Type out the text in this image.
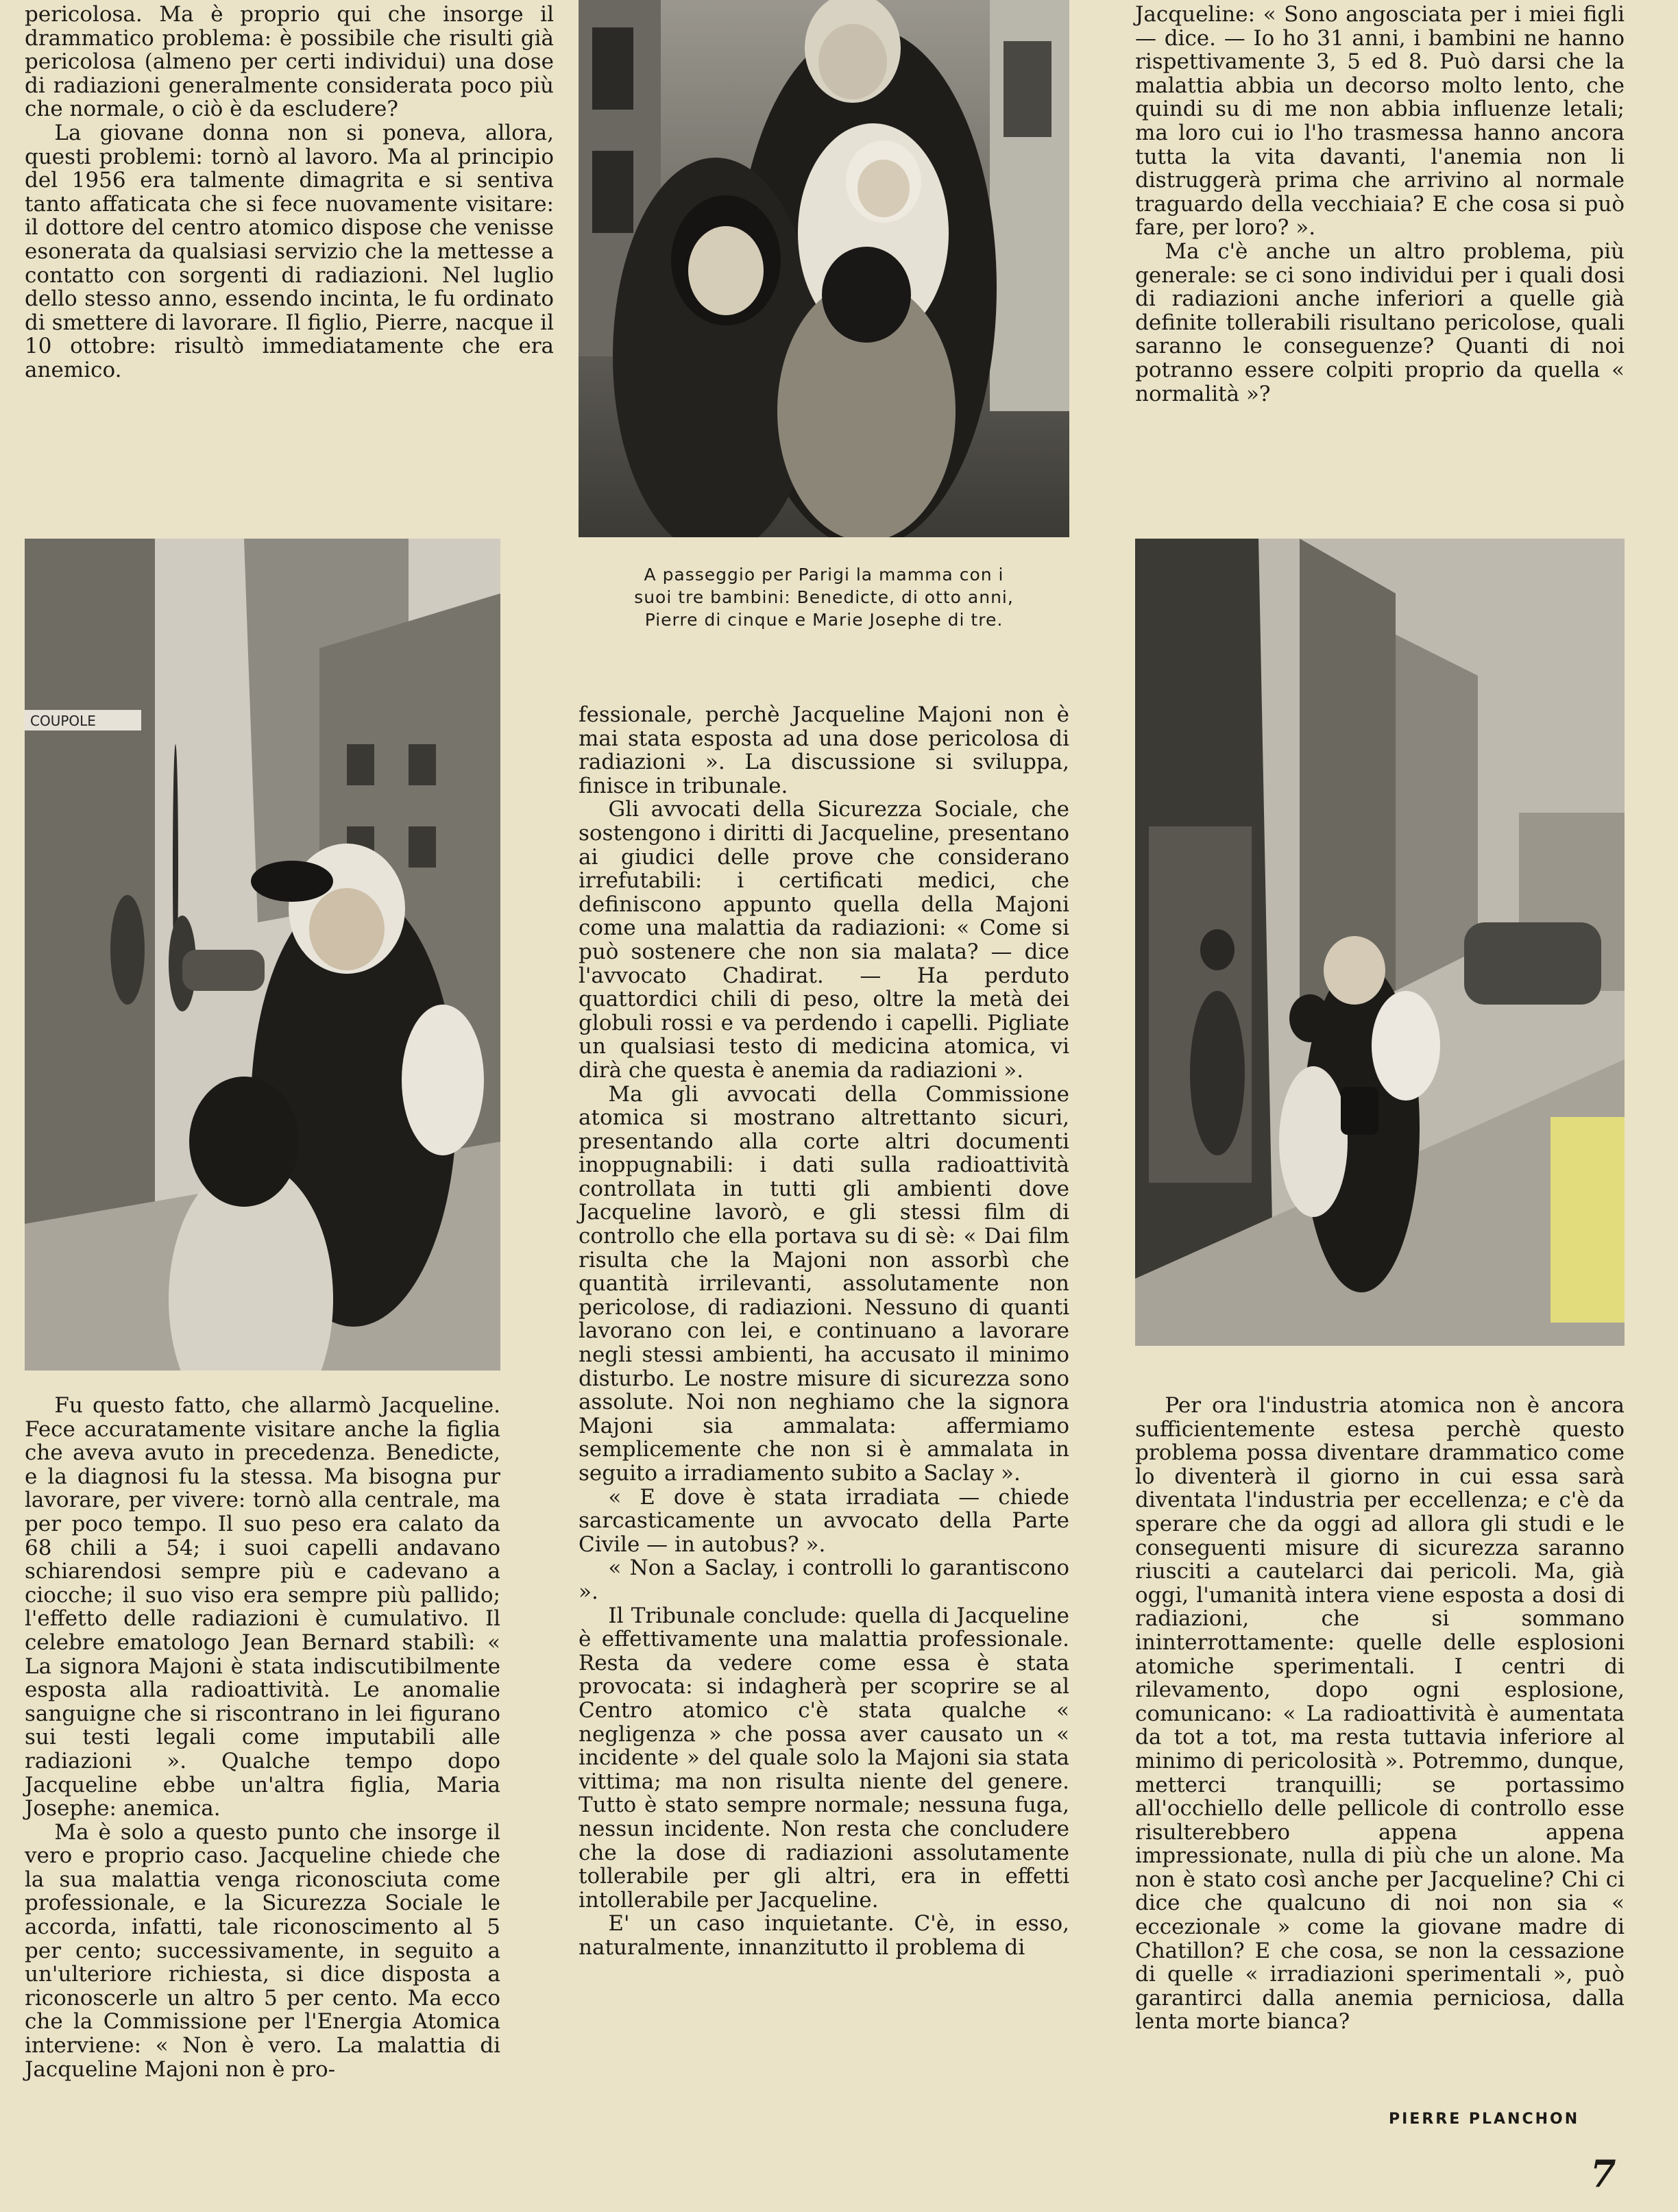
pericolosa. Ma è proprio qui che insorge il drammatico problema: è possibile che risulti già pericolosa (almeno per certi individui) una dose di radiazioni generalmente considerata poco più che normale, o ciò è da escludere?

La giovane donna non si poneva, allora, questi problemi: tornò al lavoro. Ma al principio del 1956 era talmente dimagrita e si sentiva tanto affaticata che si fece nuovamente visitare: il dottore del centro atomico dispose che venisse esonerata da qualsiasi servizio che la mettesse a contatto con sorgenti di radiazioni. Nel luglio dello stesso anno, essendo incinta, le fu ordinato di smettere di lavorare. Il figlio, Pierre, nacque il 10 ottobre: risultò immediatamente che era anemico.

Jacqueline: « Sono angosciata per i miei figli — dice. — Io ho 31 anni, i bambini ne hanno rispettivamente 3, 5 ed 8. Può darsi che la malattia abbia un decorso molto lento, che quindi su di me non abbia influenze letali; ma loro cui io l'ho trasmessa hanno ancora tutta la vita davanti, l'anemia non li distruggerà prima che arrivino al normale traguardo della vecchiaia? E che cosa si può fare, per loro? ».

Ma c'è anche un altro problema, più generale: se ci sono individui per i quali dosi di radiazioni anche inferiori a quelle già definite tollerabili risultano pericolose, quali saranno le conseguenze? Quanti di noi potranno essere colpiti proprio da quella « normalità »?

COUPOLE
A passeggio per Parigi la mamma con i
suoi tre bambini: Benedicte, di otto anni,
Pierre di cinque e Marie Josephe di tre.

Fu questo fatto, che allarmò Jacqueline. Fece accuratamente visitare anche la figlia che aveva avuto in precedenza. Benedicte, e la diagnosi fu la stessa. Ma bisogna pur lavorare, per vivere: tornò alla centrale, ma per poco tempo. Il suo peso era calato da 68 chili a 54; i suoi capelli andavano schiarendosi sempre più e cadevano a ciocche; il suo viso era sempre più pallido; l'effetto delle radiazioni è cumulativo. Il celebre ematologo Jean Bernard stabilì: « La signora Majoni è stata indiscutibilmente esposta alla radioattività. Le anomalie sanguigne che si riscontrano in lei figurano sui testi legali come imputabili alle radiazioni ». Qualche tempo dopo Jacqueline ebbe un'altra figlia, Maria Josephe: anemica.

Ma è solo a questo punto che insorge il vero e proprio caso. Jacqueline chiede che la sua malattia venga riconosciuta come professionale, e la Sicurezza Sociale le accorda, infatti, tale riconoscimento al 5 per cento; successivamente, in seguito a un'ulteriore richiesta, si dice disposta a riconoscerle un altro 5 per cento. Ma ecco che la Commissione per l'Energia Atomica interviene: « Non è vero. La malattia di Jacqueline Majoni non è pro-

fessionale, perchè Jacqueline Majoni non è mai stata esposta ad una dose pericolosa di radiazioni ». La discussione si sviluppa, finisce in tribunale.

Gli avvocati della Sicurezza Sociale, che sostengono i diritti di Jacqueline, presentano ai giudici delle prove che considerano irrefutabili: i certificati medici, che definiscono appunto quella della Majoni come una malattia da radiazioni: « Come si può sostenere che non sia malata? — dice l'avvocato Chadirat. — Ha perduto quattordici chili di peso, oltre la metà dei globuli rossi e va perdendo i capelli. Pigliate un qualsiasi testo di medicina atomica, vi dirà che questa è anemia da radiazioni ».

Ma gli avvocati della Commissione atomica si mostrano altrettanto sicuri, presentando alla corte altri documenti inoppugnabili: i dati sulla radioattività controllata in tutti gli ambienti dove Jacqueline lavorò, e gli stessi film di controllo che ella portava su di sè: « Dai film risulta che la Majoni non assorbì che quantità irrilevanti, assolutamente non pericolose, di radiazioni. Nessuno di quanti lavorano con lei, e continuano a lavorare negli stessi ambienti, ha accusato il minimo disturbo. Le nostre misure di sicurezza sono assolute. Noi non neghiamo che la signora Majoni sia ammalata: affermiamo semplicemente che non si è ammalata in seguito a irradiamento subito a Saclay ».

« E dove è stata irradiata — chiede sarcasticamente un avvocato della Parte Civile — in autobus? ».

« Non a Saclay, i controlli lo garantiscono ».

Il Tribunale conclude: quella di Jacqueline è effettivamente una malattia professionale. Resta da vedere come essa è stata provocata: si indagherà per scoprire se al Centro atomico c'è stata qualche « negligenza » che possa aver causato un « incidente » del quale solo la Majoni sia stata vittima; ma non risulta niente del genere. Tutto è stato sempre normale; nessuna fuga, nessun incidente. Non resta che concludere che la dose di radiazioni assolutamente tollerabile per gli altri, era in effetti intollerabile per Jacqueline.

E' un caso inquietante. C'è, in esso, naturalmente, innanzitutto il problema di

Per ora l'industria atomica non è ancora sufficientemente estesa perchè questo problema possa diventare drammatico come lo diventerà il giorno in cui essa sarà diventata l'industria per eccellenza; e c'è da sperare che da oggi ad allora gli studi e le conseguenti misure di sicurezza saranno riusciti a cautelarci dai pericoli. Ma, già oggi, l'umanità intera viene esposta a dosi di radiazioni, che si sommano ininterrottamente: quelle delle esplosioni atomiche sperimentali. I centri di rilevamento, dopo ogni esplosione, comunicano: « La radioattività è aumentata da tot a tot, ma resta tuttavia inferiore al minimo di pericolosità ». Potremmo, dunque, metterci tranquilli; se portassimo all'occhiello delle pellicole di controllo esse risulterebbero appena appena impressionate, nulla di più che un alone. Ma non è stato così anche per Jacqueline? Chi ci dice che qualcuno di noi non sia « eccezionale » come la giovane madre di Chatillon? E che cosa, se non la cessazione di quelle « irradiazioni sperimentali », può garantirci dalla anemia perniciosa, dalla lenta morte bianca?

PIERRE PLANCHON
7
